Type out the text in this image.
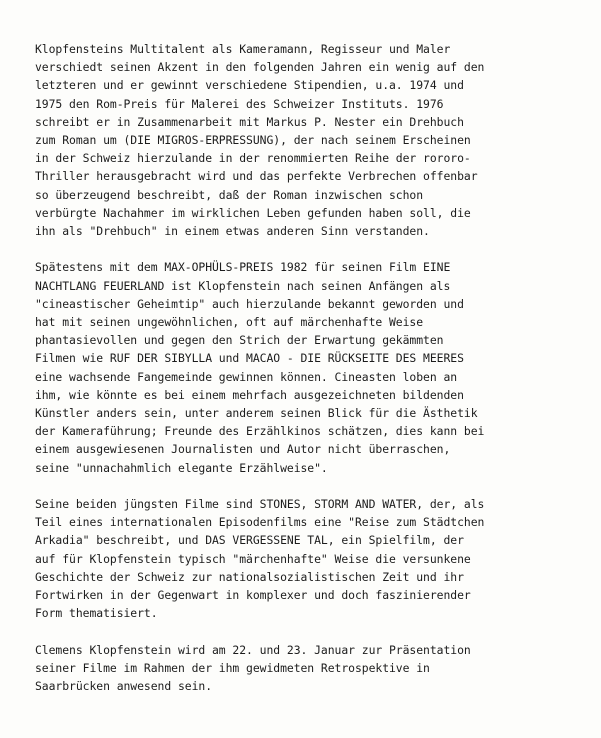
Klopfensteins Multitalent als Kameramann, Regisseur und Maler
verschiedt seinen Akzent in den folgenden Jahren ein wenig auf den
letzteren und er gewinnt verschiedene Stipendien, u.a. 1974 und
1975 den Rom-Preis für Malerei des Schweizer Instituts. 1976
schreibt er in Zusammenarbeit mit Markus P. Nester ein Drehbuch
zum Roman um (DIE MIGROS-ERPRESSUNG), der nach seinem Erscheinen
in der Schweiz hierzulande in der renommierten Reihe der rororo-
Thriller herausgebracht wird und das perfekte Verbrechen offenbar
so überzeugend beschreibt, daß der Roman inzwischen schon
verbürgte Nachahmer im wirklichen Leben gefunden haben soll, die
ihn als "Drehbuch" in einem etwas anderen Sinn verstanden.
Spätestens mit dem MAX-OPHÜLS-PREIS 1982 für seinen Film EINE
NACHTLANG FEUERLAND ist Klopfenstein nach seinen Anfängen als
"cineastischer Geheimtip" auch hierzulande bekannt geworden und
hat mit seinen ungewöhnlichen, oft auf märchenhafte Weise
phantasievollen und gegen den Strich der Erwartung gekämmten
Filmen wie RUF DER SIBYLLA und MACAO - DIE RÜCKSEITE DES MEERES
eine wachsende Fangemeinde gewinnen können. Cineasten loben an
ihm, wie könnte es bei einem mehrfach ausgezeichneten bildenden
Künstler anders sein, unter anderem seinen Blick für die Ästhetik
der Kameraführung; Freunde des Erzählkinos schätzen, dies kann bei
einem ausgewiesenen Journalisten und Autor nicht überraschen,
seine "unnachahmlich elegante Erzählweise".
Seine beiden jüngsten Filme sind STONES, STORM AND WATER, der, als
Teil eines internationalen Episodenfilms eine "Reise zum Städtchen
Arkadia" beschreibt, und DAS VERGESSENE TAL, ein Spielfilm, der
auf für Klopfenstein typisch "märchenhafte" Weise die versunkene
Geschichte der Schweiz zur nationalsozialistischen Zeit und ihr
Fortwirken in der Gegenwart in komplexer und doch faszinierender
Form thematisiert.
Clemens Klopfenstein wird am 22. und 23. Januar zur Präsentation
seiner Filme im Rahmen der ihm gewidmeten Retrospektive in
Saarbrücken anwesend sein.
